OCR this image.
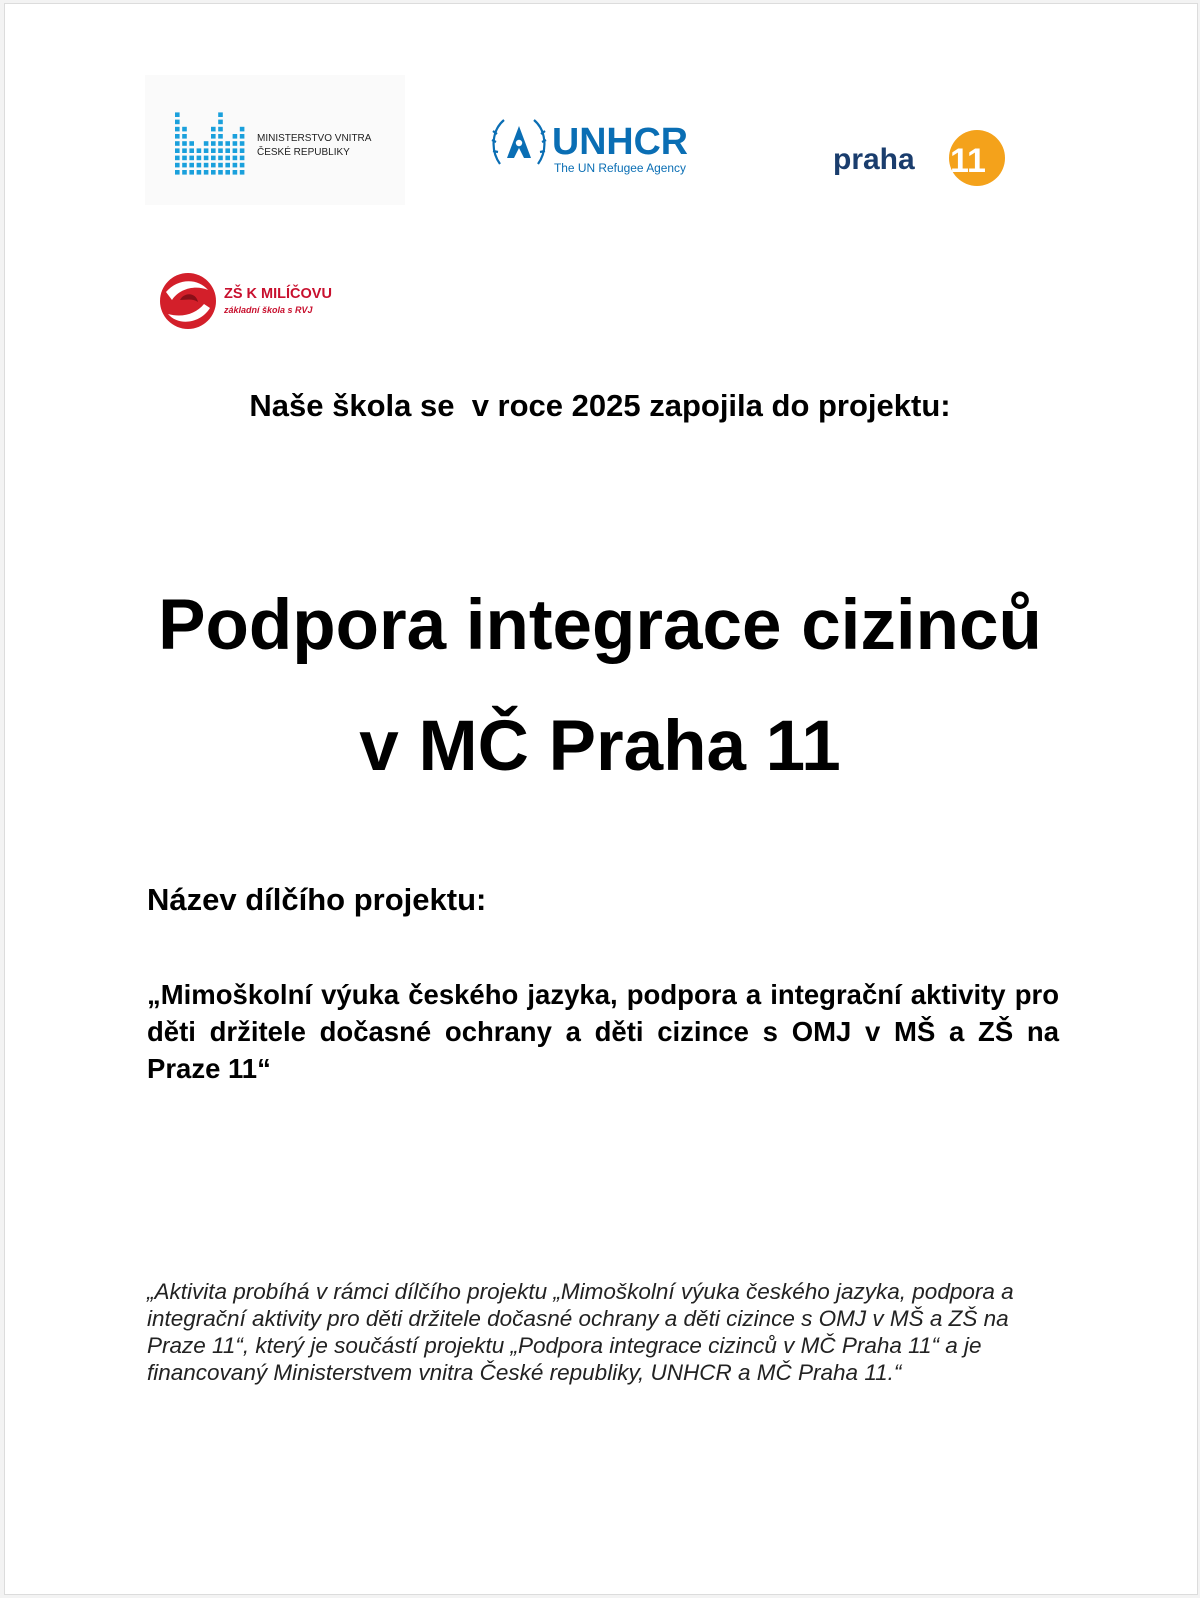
MINISTERSTVO VNITRA
ČESKÉ REPUBLIKY	UNHCR
The UN Refugee Agency	praha 11
ZŠ K MILÍČOVU
základní škola s RVJ
Naše škola se  v roce 2025 zapojila do projektu:
Podpora integrace cizinců
v MČ Praha 11
Název dílčího projektu:
„Mimoškolní výuka českého jazyka, podpora a integrační aktivity pro děti držitele dočasné ochrany a děti cizince s OMJ v MŠ a ZŠ na Praze 11“
„Aktivita probíhá v rámci dílčího projektu „Mimoškolní výuka českého jazyka, podpora a integrační aktivity pro děti držitele dočasné ochrany a děti cizince s OMJ v MŠ a ZŠ na Praze 11“, který je součástí projektu „Podpora integrace cizinců v MČ Praha 11“ a je financovaný Ministerstvem vnitra České republiky, UNHCR a MČ Praha 11.“
